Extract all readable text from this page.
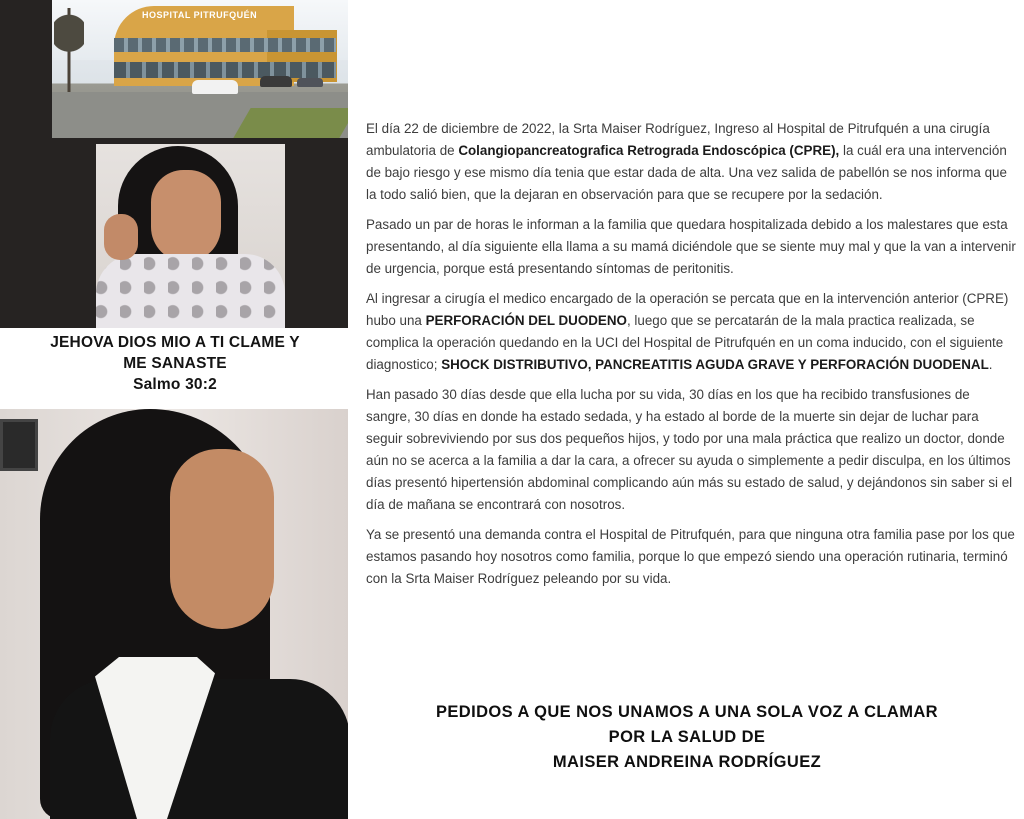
HOSPITAL PITRUFQUÉN
JEHOVA DIOS MIO A TI CLAME Y
ME SANASTE
Salmo 30:2

El día 22 de diciembre de 2022, la Srta Maiser Rodríguez, Ingreso al Hospital de Pitrufquén a una cirugía ambulatoria de Colangiopancreatografica Retrograda Endoscópica (CPRE), la cuál era una intervención de bajo riesgo y ese mismo día tenia que estar dada de alta. Una vez salida de pabellón se nos informa que la todo salió bien, que la dejaran en observación para que se recupere por la sedación.

Pasado un par de horas le informan a la familia que quedara hospitalizada debido a los malestares que esta presentando, al día siguiente ella llama a su mamá diciéndole que se siente muy mal y que la van a intervenir de urgencia, porque está presentando síntomas de peritonitis.

Al ingresar a cirugía el medico encargado de la operación se percata que en la intervención anterior (CPRE) hubo una PERFORACIÓN DEL DUODENO, luego que se percatarán de la mala practica realizada, se complica la operación quedando en la UCI del Hospital de Pitrufquén en un coma inducido, con el siguiente diagnostico; SHOCK DISTRIBUTIVO, PANCREATITIS AGUDA GRAVE Y PERFORACIÓN DUODENAL.

Han pasado 30 días desde que ella lucha por su vida, 30 días en los que ha recibido transfusiones de sangre, 30 días en donde ha estado sedada, y ha estado al borde de la muerte sin dejar de luchar para seguir sobreviviendo por sus dos pequeños hijos, y todo por una mala práctica que realizo un doctor, donde aún no se acerca a la familia a dar la cara, a ofrecer su ayuda o simplemente a pedir disculpa, en los últimos días presentó hipertensión abdominal complicando aún más su estado de salud, y dejándonos sin saber si el día de mañana se encontrará con nosotros.

Ya se presentó una demanda contra el Hospital de Pitrufquén, para que ninguna otra familia pase por los que estamos pasando hoy nosotros como familia, porque lo que empezó siendo una operación rutinaria, terminó con la Srta Maiser Rodríguez peleando por su vida.

PEDIDOS A QUE NOS UNAMOS A UNA SOLA VOZ A CLAMAR
POR LA SALUD DE
MAISER ANDREINA RODRÍGUEZ
